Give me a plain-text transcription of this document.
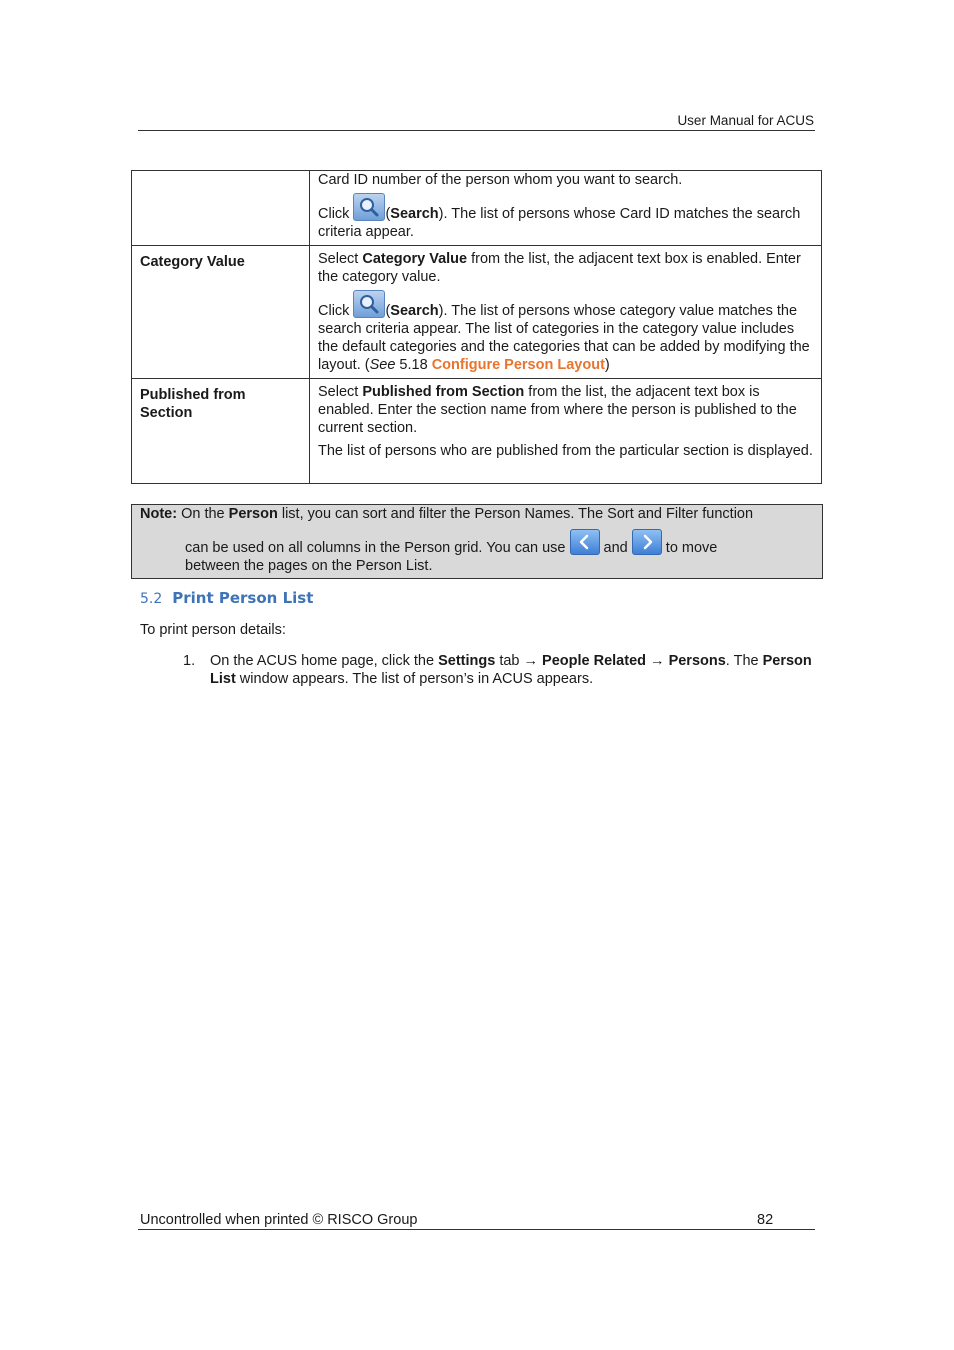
User Manual for ACUS

	Card ID number of the person whom you want to search.

Click
(Search). The list of persons whose Card ID matches the search criteria appear.

Category Value	Select Category Value from the list, the adjacent text box is enabled. Enter the category value.

Click
(Search). The list of persons whose category value matches the search criteria appear. The list of categories in the category value includes the default categories and the categories that can be added by modifying the layout. (See 5.18 Configure Person Layout)

Published from Section	Select Published from Section from the list, the adjacent text box is enabled. Enter the section name from where the person is published to the current section.

The list of persons who are published from the particular section is displayed.

Note: On the Person list, you can sort and filter the Person Names. The Sort and Filter function
can be used on all columns in the Person grid. You can use
and
to move
between the pages on the Person List.
5.2 Print Person List
To print person details:
1. On the ACUS home page, click the Settings tab → People Related → Persons. The Person List window appears. The list of person’s in ACUS appears.
Uncontrolled when printed © RISCO Group	82
